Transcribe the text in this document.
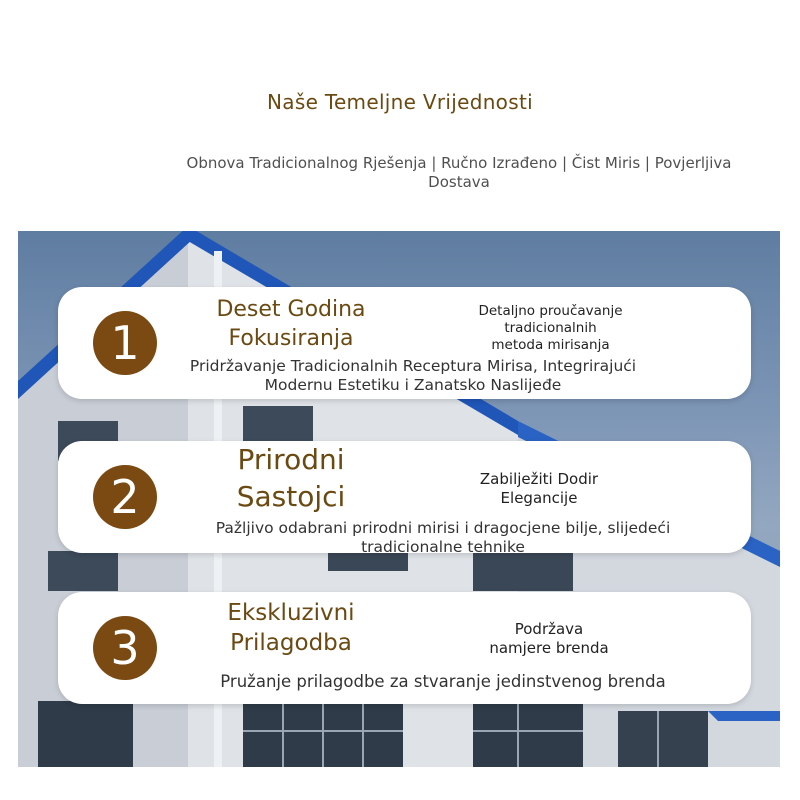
Naše Temeljne Vrijednosti
Obnova Tradicionalnog Rješenja | Ručno Izrađeno | Čist Miris | Povjerljiva Dostava
1
Deset Godina
Fokusiranja
Detaljno proučavanje
tradicionalnih
metoda mirisanja
Pridržavanje Tradicionalnih Receptura Mirisa, Integrirajući
Modernu Estetiku i Zanatsko Naslijeđe
2
Prirodni
Sastojci
Zabilježiti Dodir
Elegancije
Pažljivo odabrani prirodni mirisi i dragocjene bilje, slijedeći
tradicionalne tehnike
3
Ekskluzivni
Prilagodba
Podržava
namjere brenda
Pružanje prilagodbe za stvaranje jedinstvenog brenda
